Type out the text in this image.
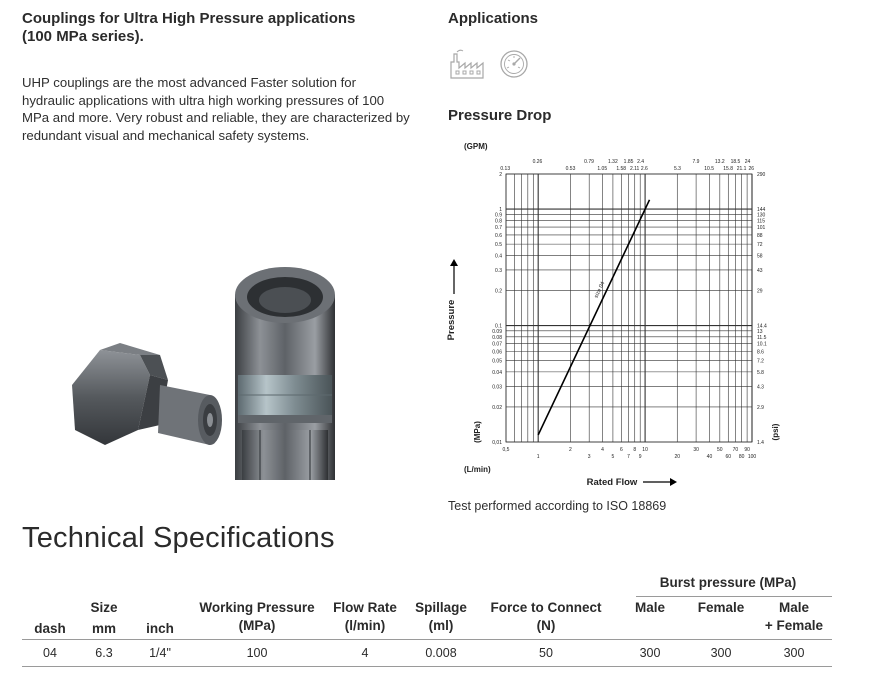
Couplings for Ultra High Pressure applications
(100 MPa series).
UHP couplings are the most advanced Faster solution for hydraulic applications with ultra high working pressures of 100 MPa and more. Very robust and reliable, they are characterized by redundant visual and mechanical safety systems.
Applications
Pressure Drop
2
1
0.9
0.8
0.7
0.6
0.5
0.4
0.3
0.2
0.1
0.09
0.08
0.07
0.06
0.05
0.04
0.03
0.02
0,01
290
144
130
115
101
88
72
58
43
29
14.4
13
11.5
10.1
8.6
7.2
5.8
4.3
2.9
1.4
0,5	2	4	6 8 10	30	50 70 90
1	3	5	7 9	20	40	60 80 100
0.26	0.79	1.32 1.85 2.4	7.9	13.2 18.5 24
0.13	0.53	1.05 1.58 2.11 2.6	5.3	10.5 15.8 21.1 26
size 04
(GPM)
(L/min)
(MPa)	(psi)
Pressure
Rated Flow
Test performed according to ISO 18869
Technical Specifications
Burst pressure (MPa)
dash
Size
mm	inch
Working Pressure
(MPa)
Flow Rate
(l/min)
Spillage
(ml)
Force to Connect
(N)
Male	Female	Male
+ Female
04	6.3	1/4"	100	4	0.008	50	300	300	300
